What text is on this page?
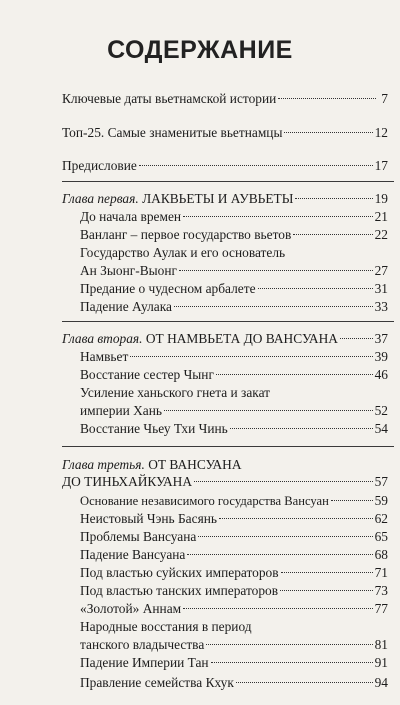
СОДЕРЖАНИЕ
Ключевые даты вьетнамской истории	7
Топ-25. Самые знаменитые вьетнамцы	12
Предисловие	17
Глава первая. ЛАКВЬЕТЫ И АУВЬЕТЫ	19
До начала времен	21
Ванланг – первое государство вьетов	22
Государство Аулак и его основатель
Ан Зыонг-Выонг	27
Предание о чудесном арбалете	31
Падение Аулака	33
Глава вторая. ОТ НАМВЬЕТА ДО ВАНСУАНА	37
Намвьет	39
Восстание сестер Чынг	46
Усиление ханьского гнета и закат
империи Хань	52
Восстание Чьеу Тхи Чинь	54
Глава третья. ОТ ВАНСУАНА
ДО ТИНЬХАЙКУАНА	57
Основание независимого государства Вансуан	59
Неистовый Чэнь Басянь	62
Проблемы Вансуана	65
Падение Вансуана	68
Под властью суйских императоров	71
Под властью танских императоров	73
«Золотой» Аннам	77
Народные восстания в период
танского владычества	81
Падение Империи Тан	91
Правление семейства Кхук	94
